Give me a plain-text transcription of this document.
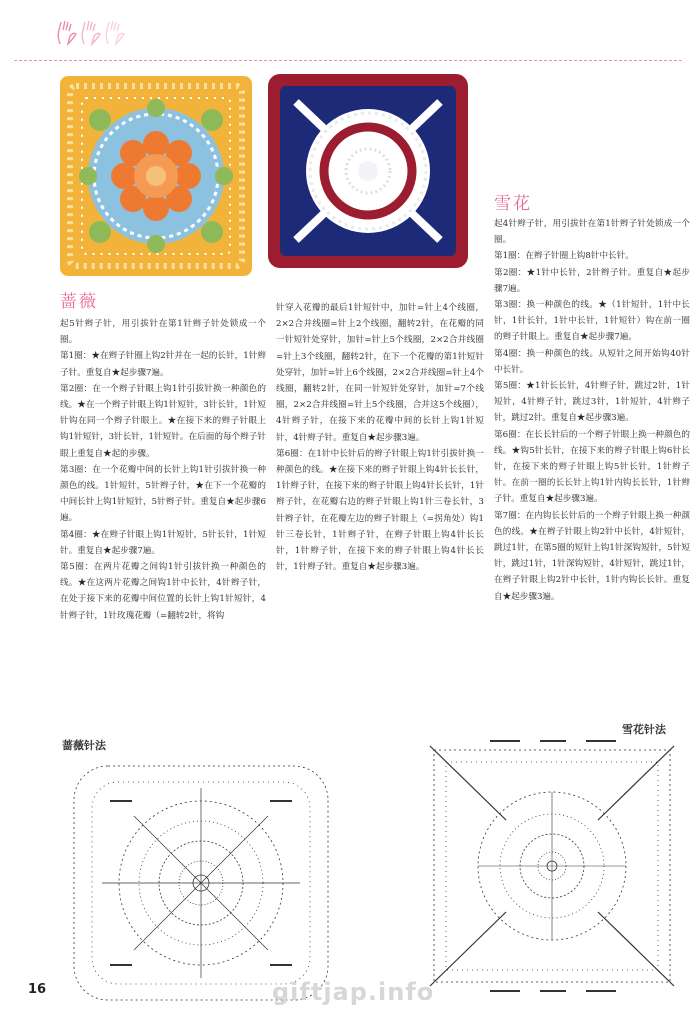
蔷薇
雪花

起5针辫子针，用引拔针在第1针辫子针处锁成一个圈。

第1圈：★在辫子针圈上钩2针并在一起的长针，1针辫子针。重复自★起步骤7遍。

第2圈：在一个辫子针眼上钩1针引拔针换一种颜色的线。★在一个辫子针眼上钩1针短针，3针长针，1针短针钩在同一个辫子针眼上。★在接下来的辫子针眼上钩1针短针，3针长针，1针短针。在后面的每个辫子针眼上重复自★起的步骤。

第3圈：在一个花瓣中间的长针上钩1针引拔针换一种颜色的线。1针短针，5针辫子针，★在下一个花瓣的中间长针上钩1针短针，5针辫子针。重复自★起步骤6遍。

第4圈：★在辫子针眼上钩1针短针，5针长针，1针短针。重复自★起步骤7遍。

第5圈：在两片花瓣之间钩1针引拔针换一种颜色的线。★在这两片花瓣之间钩1针中长针，4针辫子针，在处于接下来的花瓣中间位置的长针上钩1针短针，4针辫子针，1针玫瑰花瓣（=翻转2针，将钩

针穿入花瓣的最后1针短针中，加针=针上4个线圈，2×2合并线圈=针上2个线圈，翻转2针，在花瓣的同一针短针处穿针，加针=针上5个线圈，2×2合并线圈=针上3个线圈，翻转2针，在下一个花瓣的第1针短针处穿针，加针=针上6个线圈，2×2合并线圈=针上4个线圈，翻转2针，在同一针短针处穿针，加针=7个线圈，2×2合并线圈=针上5个线圈，合并这5个线圈），4针辫子针，在接下来的花瓣中间的长针上钩1针短针，4针辫子针。重复自★起步骤3遍。

第6圈：在1针中长针后的辫子针眼上钩1针引拔针换一种颜色的线。★在接下来的辫子针眼上钩4针长长针，1针辫子针，在接下来的辫子针眼上钩4针长长针，1针辫子针，在花瓣右边的辫子针眼上钩1针三卷长针，3针辫子针，在花瓣左边的辫子针眼上（=拐角处）钩1针三卷长针，1针辫子针，在辫子针眼上钩4针长长针，1针辫子针，在接下来的辫子针眼上钩4针长长针，1针辫子针。重复自★起步骤3遍。

起4针辫子针，用引拔针在第1针辫子针处锁成一个圈。

第1圈：在辫子针圈上钩8针中长针。

第2圈：★1针中长针，2针辫子针。重复自★起步骤7遍。

第3圈：换一种颜色的线。★（1针短针，1针中长针，1针长针，1针中长针，1针短针）钩在前一圈的辫子针眼上。重复自★起步骤7遍。

第4圈：换一种颜色的线。从短针之间开始钩40针中长针。

第5圈：★1针长长针，4针辫子针，跳过2针，1针短针，4针辫子针，跳过3针，1针短针，4针辫子针，跳过2针。重复自★起步骤3遍。

第6圈：在长长针后的一个辫子针眼上换一种颜色的线。★钩5针长针，在接下来的辫子针眼上钩6针长针，在接下来的辫子针眼上钩5针长针，1针辫子针。在前一圈的长长针上钩1针内钩长长针，1针辫子针。重复自★起步骤3遍。

第7圈：在内钩长长针后的一个辫子针眼上换一种颜色的线。★在辫子针眼上钩2针中长针，4针短针，跳过1针，在第5圈的短针上钩1针深钩短针，5针短针，跳过1针，1针深钩短针，4针短针，跳过1针，在辫子针眼上钩2针中长针，1针内钩长长针。重复自★起步骤3遍。

蔷薇针法
雪花针法
16	giftjap.info
